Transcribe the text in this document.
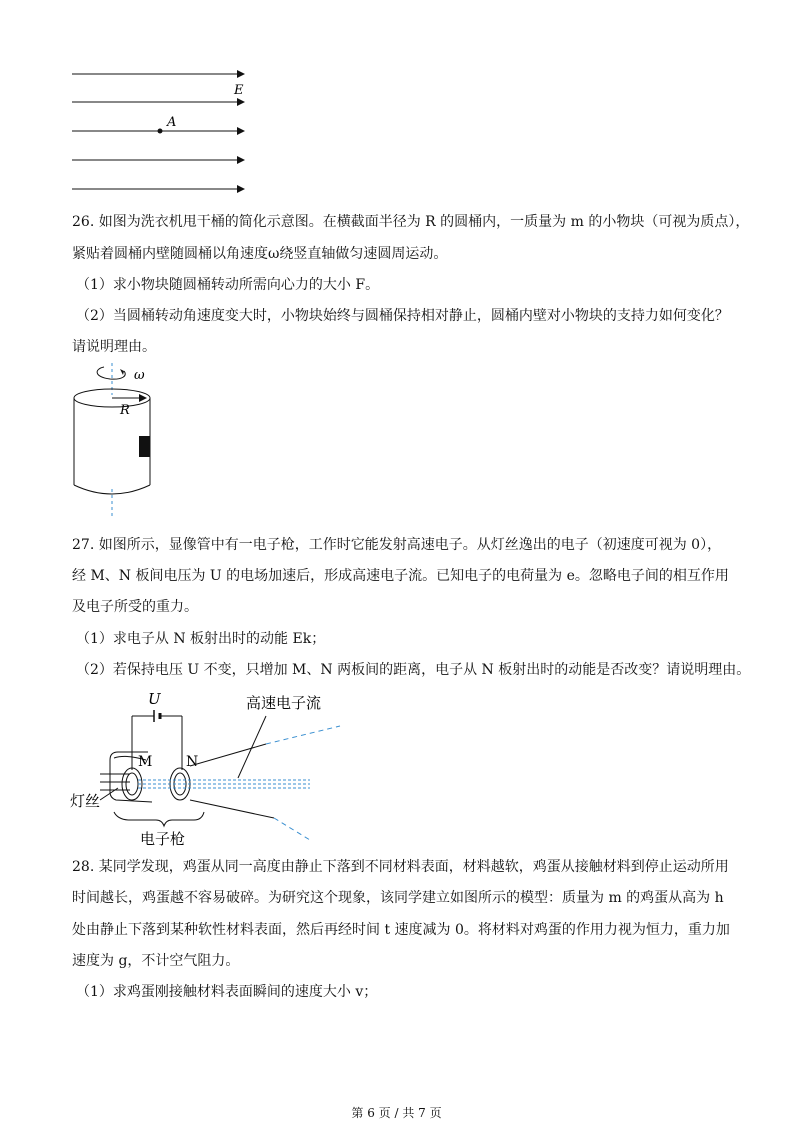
A
E
26. 如图为洗衣机甩干桶的简化示意图。在横截面半径为 R 的圆桶内，一质量为 m 的小物块（可视为质点），
紧贴着圆桶内壁随圆桶以角速度ω绕竖直轴做匀速圆周运动。
（1）求小物块随圆桶转动所需向心力的大小 F。
（2）当圆桶转动角速度变大时，小物块始终与圆桶保持相对静止，圆桶内壁对小物块的支持力如何变化？
请说明理由。
ω
R
27. 如图所示，显像管中有一电子枪，工作时它能发射高速电子。从灯丝逸出的电子（初速度可视为 0），
经 M、N 板间电压为 U 的电场加速后，形成高速电子流。已知电子的电荷量为 e。忽略电子间的相互作用
及电子所受的重力。
（1）求电子从 N 板射出时的动能 Ek；
（2）若保持电压 U 不变，只增加 M、N 两板间的距离，电子从 N 板射出时的动能是否改变？请说明理由。
U
M N
高速电子流
灯丝
电子枪
28. 某同学发现，鸡蛋从同一高度由静止下落到不同材料表面，材料越软，鸡蛋从接触材料到停止运动所用
时间越长，鸡蛋越不容易破碎。为研究这个现象，该同学建立如图所示的模型：质量为 m 的鸡蛋从高为 h
处由静止下落到某种软性材料表面，然后再经时间 t 速度减为 0。将材料对鸡蛋的作用力视为恒力，重力加
速度为 g，不计空气阻力。
（1）求鸡蛋刚接触材料表面瞬间的速度大小 v；
第 6 页 / 共 7 页
